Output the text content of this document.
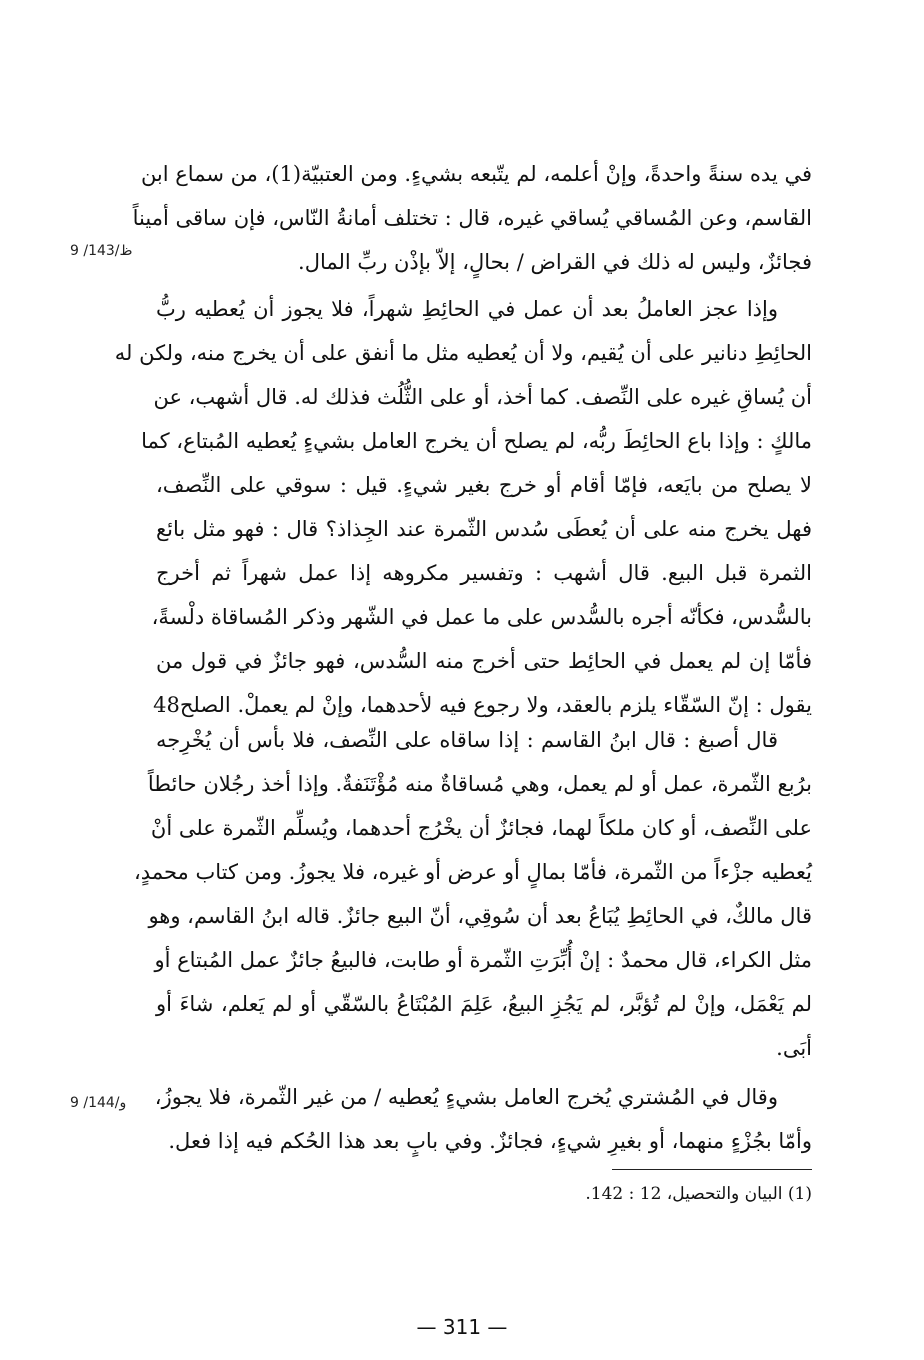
9 /143/ظ
9 /144/و
في يده سنةً واحدةً، وإنْ أعلمه، لم يتّبعه بشيءٍ. ومن العتبيّة(1)، من سماع ابن
القاسم، وعن المُساقي يُساقي غيره، قال : تختلف أمانةُ النّاس، فإن ساقى أميناً
فجائزٌ، وليس له ذلك في القراض / بحالٍ، إلاّ بإذْن ربِّ المال.
وإذا عجز العاملُ بعد أن عمل في الحائِطِ شهراً، فلا يجوز أن يُعطيه ربُّ
الحائِطِ دنانير على أن يُقيم، ولا أن يُعطيه مثل ما أنفق على أن يخرج منه، ولكن له
أن يُساقِ غيره على النِّصف. كما أخذ، أو على الثُّلُث فذلك له. قال أشهب، عن
مالكٍ : وإذا باع الحائِطَ ربُّه، لم يصلح أن يخرج العامل بشيءٍ يُعطيه المُبتاع، كما
لا يصلح من بايَعه، فإمّا أقام أو خرج بغير شيءٍ. قيل : سوقي على النِّصف،
فهل يخرج منه على أن يُعطَى سُدس الثّمرة عند الجِذاذ؟ قال : فهو مثل بائع
الثمرة قبل البيع. قال أشهب : وتفسير مكروهه إذا عمل شهراً ثم أخرج
بالسُّدس، فكأنّه أجره بالسُّدس على ما عمل في الشّهر وذكر المُساقاة دلْسةً،
فأمّا إن لم يعمل في الحائِط حتى أخرج منه السُّدس، فهو جائزٌ في قول من
يقول : إنّ السّقّاء يلزم بالعقد، ولا رجوع فيه لأحدهما، وإنْ لم يعملْ. الصلح48
قال أصبغ : قال ابنُ القاسم : إذا ساقاه على النِّصف، فلا بأس أن يُخْرِجه
برُبع الثّمرة، عمل أو لم يعمل، وهي مُساقاةٌ منه مُؤْتَنَفةٌ. وإذا أخذ رجُلان حائطاً
على النِّصف، أو كان ملكاً لهما، فجائزٌ أن يخْرُج أحدهما، ويُسلِّم الثّمرة على أنْ
يُعطيه جزْءاً من الثّمرة، فأمّا بمالٍ أو عرض أو غيره، فلا يجوزُ. ومن كتاب محمدٍ،
قال مالكٌ، في الحائِطِ يُبَاعُ بعد أن سُوقِي، أنّ البيع جائزٌ. قاله ابنُ القاسم، وهو
مثل الكراء، قال محمدٌ : إنْ أُبِّرَتِ الثّمرة أو طابت، فالبيعُ جائزٌ عمل المُبتاع أو
لم يَعْمَل، وإنْ لم تُؤبَّر، لم يَجُزِ البيعُ، عَلِمَ المُبْتَاعُ بالسّقّي أو لم يَعلم، شاءَ أو
أبَى.
وقال في المُشتري يُخرج العامل بشيءٍ يُعطيه / من غير الثّمرة، فلا يجوزُ،
وأمّا بجُزْءٍ منهما، أو بغيرِ شيءٍ، فجائزٌ. وفي بابٍ بعد هذا الحُكم فيه إذا فعل.
(1) البيان والتحصيل، 12 : 142.
— 311 —
